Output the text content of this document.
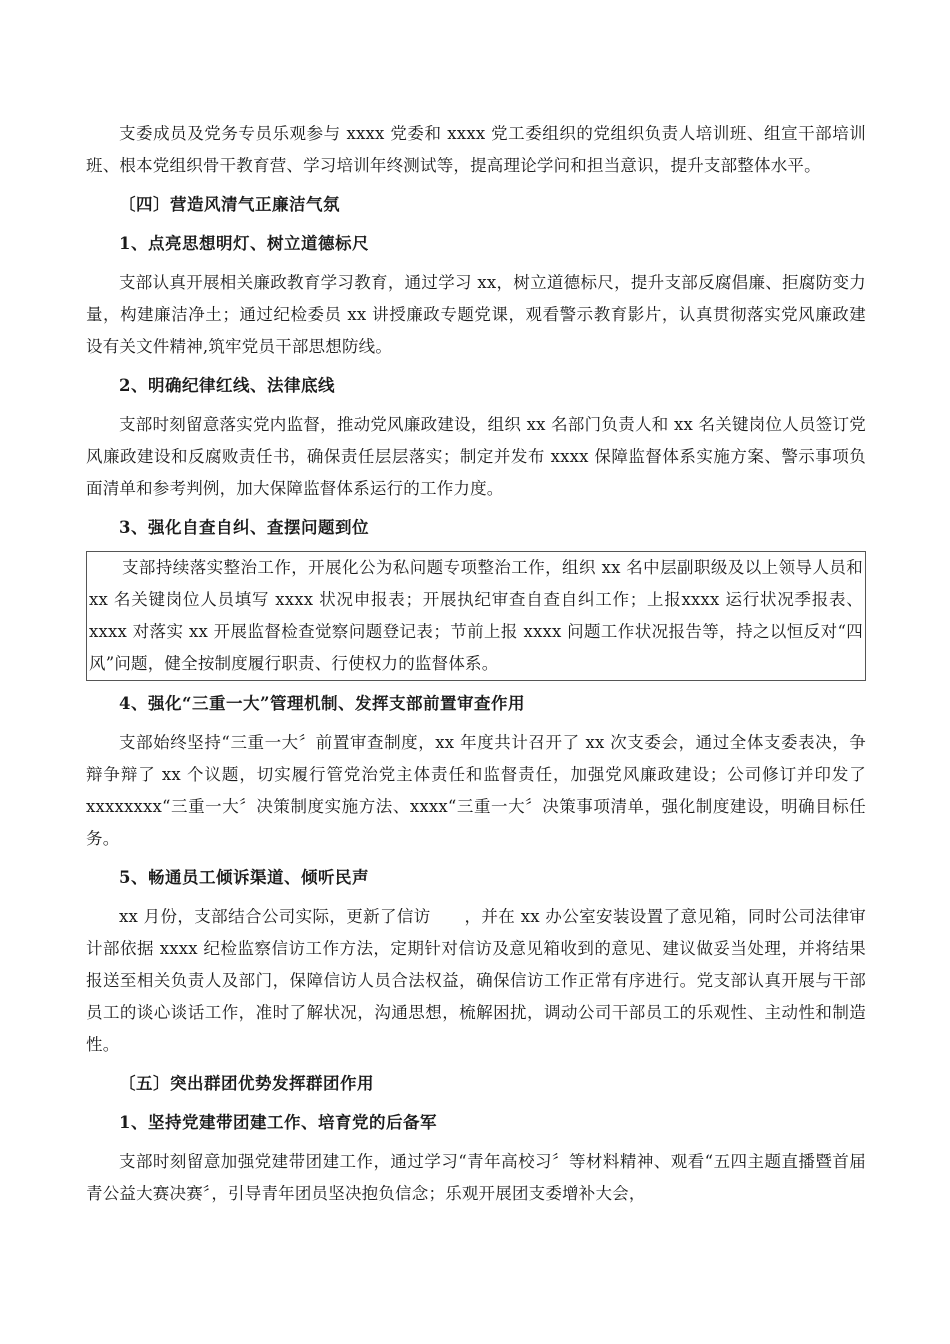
支委成员及党务专员乐观参与 xxxx 党委和 xxxx 党工委组织的党组织负责人培训班、组宣干部培训班、根本党组织骨干教育营、学习培训年终测试等，提高理论学问和担当意识，提升支部整体水平。

〔四〕营造风清气正廉洁气氛

1、点亮思想明灯、树立道德标尺

支部认真开展相关廉政教育学习教育，通过学习 xx，树立道德标尺，提升支部反腐倡廉、拒腐防变力量，构建廉洁净土；通过纪检委员 xx 讲授廉政专题党课，观看警示教育影片，认真贯彻落实党风廉政建设有关文件精神,筑牢党员干部思想防线。

2、明确纪律红线、法律底线

支部时刻留意落实党内监督，推动党风廉政建设，组织 xx 名部门负责人和 xx 名关键岗位人员签订党风廉政建设和反腐败责任书，确保责任层层落实；制定并发布 xxxx 保障监督体系实施方案、警示事项负面清单和参考判例，加大保障监督体系运行的工作力度。

3、强化自查自纠、查摆问题到位

支部持续落实整治工作，开展化公为私问题专项整治工作，组织 xx 名中层副职级及以上领导人员和 xx 名关键岗位人员填写 xxxx 状况申报表；开展执纪审查自查自纠工作；上报xxxx 运行状况季报表、xxxx 对落实 xx 开展监督检查觉察问题登记表；节前上报 xxxx 问题工作状况报告等，持之以恒反对“四风”问题，健全按制度履行职责、行使权力的监督体系。

4、强化“三重一大”管理机制、发挥支部前置审查作用

支部始终坚持“三重一大〞前置审查制度，xx 年度共计召开了 xx 次支委会，通过全体支委表决，争辩争辩了 xx 个议题，切实履行管党治党主体责任和监督责任，加强党风廉政建设；公司修订并印发了 xxxxxxxx“三重一大〞决策制度实施方法、xxxx“三重一大〞决策事项清单，强化制度建设，明确目标任务。

5、畅通员工倾诉渠道、倾听民声

xx 月份，支部结合公司实际，更新了信访　　，并在 xx 办公室安装设置了意见箱，同时公司法律审计部依据 xxxx 纪检监察信访工作方法，定期针对信访及意见箱收到的意见、建议做妥当处理，并将结果报送至相关负责人及部门，保障信访人员合法权益，确保信访工作正常有序进行。党支部认真开展与干部员工的谈心谈话工作，准时了解状况，沟通思想，梳解困扰，调动公司干部员工的乐观性、主动性和制造性。

〔五〕突出群团优势发挥群团作用

1、坚持党建带团建工作、培育党的后备军

支部时刻留意加强党建带团建工作，通过学习“青年高校习〞等材料精神、观看“五四主题直播暨首届青公益大赛决赛〞，引导青年团员坚决抱负信念；乐观开展团支委增补大会，
